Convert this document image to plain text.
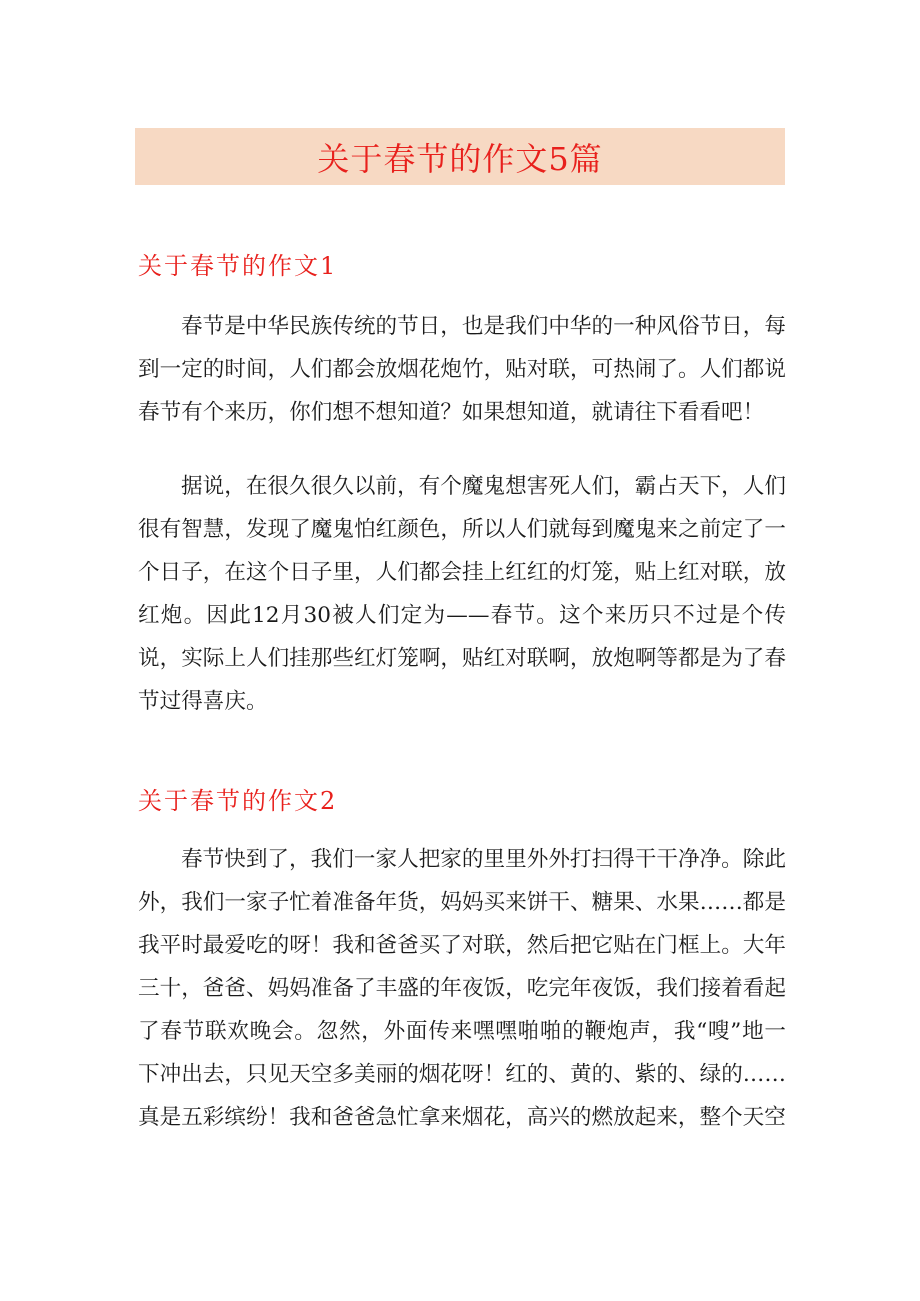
关于春节的作文5篇
关于春节的作文1

春节是中华民族传统的节日，也是我们中华的一种风俗节日，每到一定的时间，人们都会放烟花炮竹，贴对联，可热闹了。人们都说春节有个来历，你们想不想知道？如果想知道，就请往下看看吧！

据说，在很久很久以前，有个魔鬼想害死人们，霸占天下，人们很有智慧，发现了魔鬼怕红颜色，所以人们就每到魔鬼来之前定了一个日子，在这个日子里，人们都会挂上红红的灯笼，贴上红对联，放红炮。因此12月30被人们定为——春节。这个来历只不过是个传说，实际上人们挂那些红灯笼啊，贴红对联啊，放炮啊等都是为了春节过得喜庆。

关于春节的作文2

春节快到了，我们一家人把家的里里外外打扫得干干净净。除此外，我们一家子忙着准备年货，妈妈买来饼干、糖果、水果……都是我平时最爱吃的呀！我和爸爸买了对联，然后把它贴在门框上。大年三十，爸爸、妈妈准备了丰盛的年夜饭，吃完年夜饭，我们接着看起了春节联欢晚会。忽然，外面传来嘿嘿啪啪的鞭炮声，我“嗖”地一下冲出去，只见天空多美丽的烟花呀！红的、黄的、紫的、绿的……真是五彩缤纷！我和爸爸急忙拿来烟花，高兴的燃放起来，整个天空
